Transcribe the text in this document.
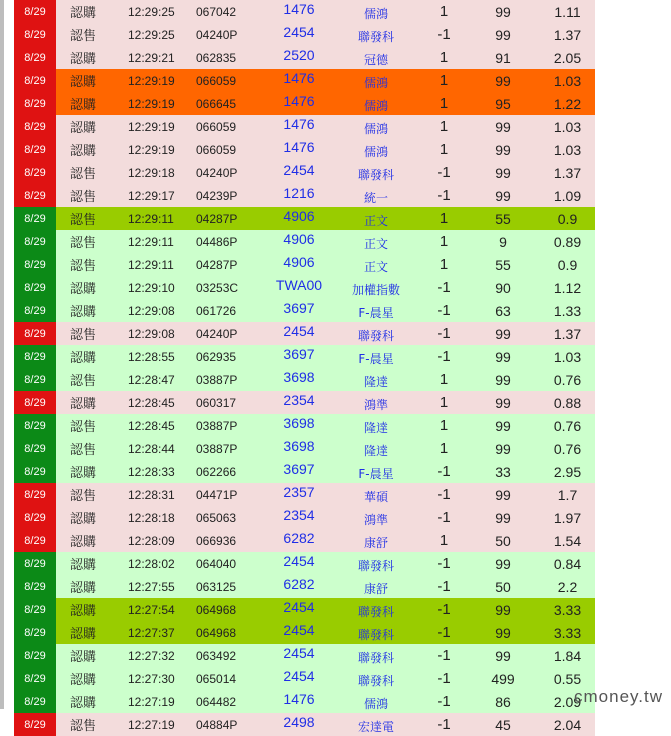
8/29	認購	12:29:25	067042	1476	儒鴻	1	99	1.11
8/29	認售	12:29:25	04240P	2454	聯發科	-1	99	1.37
8/29	認購	12:29:21	062835	2520	冠德	1	91	2.05
8/29	認購	12:29:19	066059	1476	儒鴻	1	99	1.03
8/29	認購	12:29:19	066645	1476	儒鴻	1	95	1.22
8/29	認購	12:29:19	066059	1476	儒鴻	1	99	1.03
8/29	認購	12:29:19	066059	1476	儒鴻	1	99	1.03
8/29	認售	12:29:18	04240P	2454	聯發科	-1	99	1.37
8/29	認售	12:29:17	04239P	1216	統一	-1	99	1.09
8/29	認售	12:29:11	04287P	4906	正文	1	55	0.9
8/29	認售	12:29:11	04486P	4906	正文	1	9	0.89
8/29	認售	12:29:11	04287P	4906	正文	1	55	0.9
8/29	認購	12:29:10	03253C	TWA00	加權指數	-1	90	1.12
8/29	認購	12:29:08	061726	3697	F-晨星	-1	63	1.33
8/29	認售	12:29:08	04240P	2454	聯發科	-1	99	1.37
8/29	認購	12:28:55	062935	3697	F-晨星	-1	99	1.03
8/29	認售	12:28:47	03887P	3698	隆達	1	99	0.76
8/29	認購	12:28:45	060317	2354	鴻準	1	99	0.88
8/29	認售	12:28:45	03887P	3698	隆達	1	99	0.76
8/29	認售	12:28:44	03887P	3698	隆達	1	99	0.76
8/29	認購	12:28:33	062266	3697	F-晨星	-1	33	2.95
8/29	認售	12:28:31	04471P	2357	華碩	-1	99	1.7
8/29	認購	12:28:18	065063	2354	鴻準	-1	99	1.97
8/29	認購	12:28:09	066936	6282	康舒	1	50	1.54
8/29	認購	12:28:02	064040	2454	聯發科	-1	99	0.84
8/29	認購	12:27:55	063125	6282	康舒	-1	50	2.2
8/29	認購	12:27:54	064968	2454	聯發科	-1	99	3.33
8/29	認購	12:27:37	064968	2454	聯發科	-1	99	3.33
8/29	認購	12:27:32	063492	2454	聯發科	-1	99	1.84
8/29	認購	12:27:30	065014	2454	聯發科	-1	499	0.55
8/29	認購	12:27:19	064482	1476	儒鴻	-1	86	2.09
8/29	認售	12:27:19	04884P	2498	宏達電	-1	45	2.04
cmoney.tw
